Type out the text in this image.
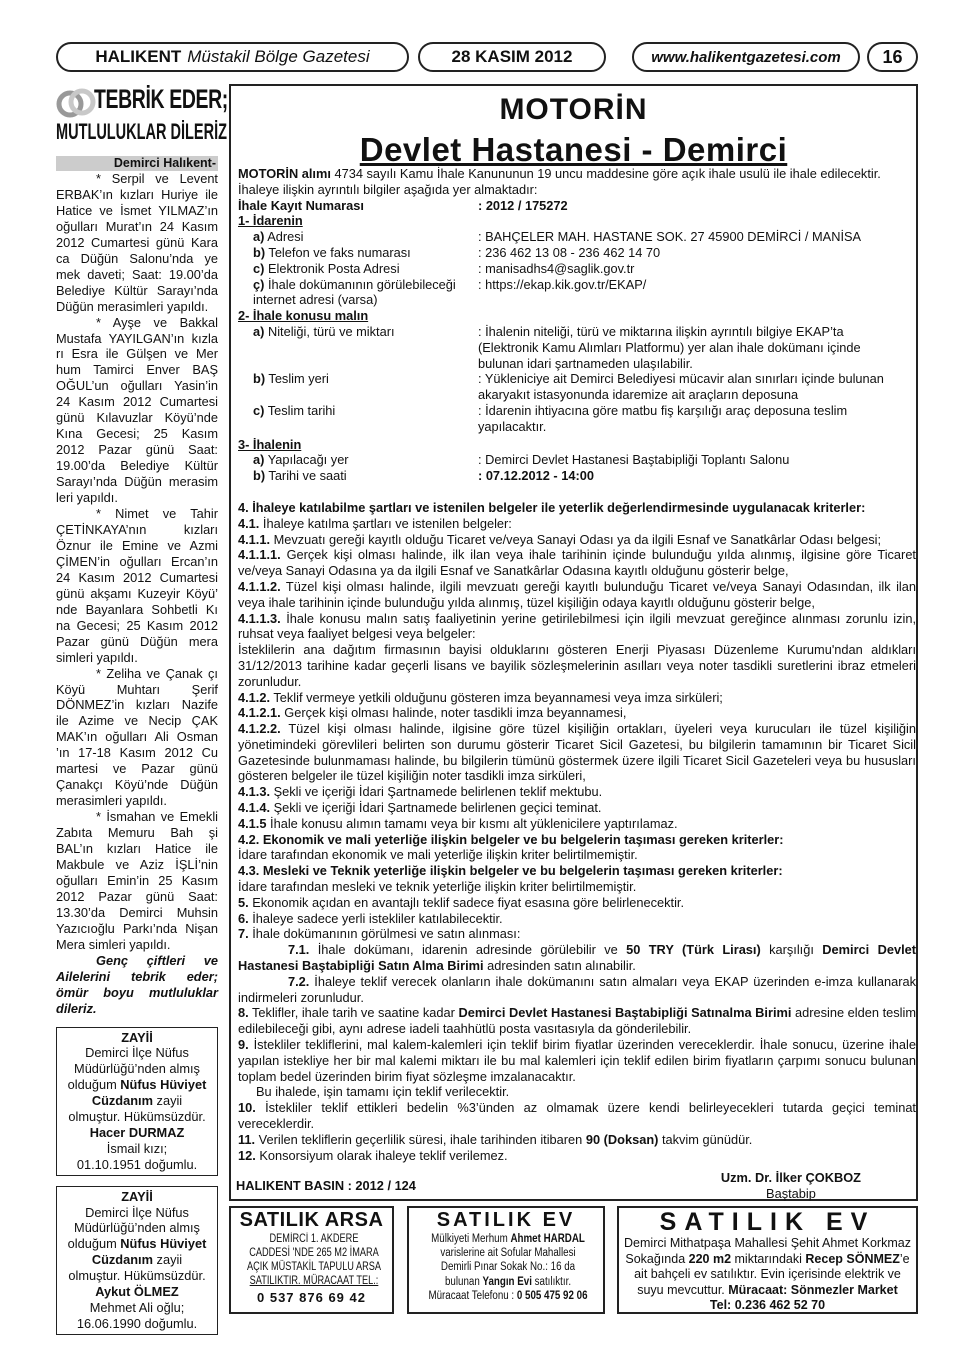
HALIKENT Müstakil Bölge Gazetesi	28 KASIM 2012	www.halikentgazetesi.com	16
TEBRİK EDER;
MUTLULUKLAR DİLERİZ
Demirci Halıkent-

* Serpil ve Levent ERBAK’ın kızları Huriye ile Hatice ve İsmet YILMAZ’ın oğulları Murat’ın 24 Kasım 2012 Cumartesi günü Kara ca Düğün Salonu’nda ye mek daveti; Saat: 19.00’da Belediye Kültür Sarayı’nda Düğün merasimleri yapıldı.

* Ayşe ve Bakkal Mustafa YAYILGAN’ın kızla rı Esra ile Gülşen ve Mer hum Tamirci Enver BAŞ OĞUL’un oğulları Yasin’in 24 Kasım 2012 Cumartesi günü Kılavuzlar Köyü’nde Kına Gecesi; 25 Kasım 2012 Pazar günü Saat: 19.00’da Belediye Kültür Sarayı’nda Düğün merasim leri yapıldı.

* Nimet ve Tahir ÇETİNKAYA’nın kızları Öznur ile Emine ve Azmi ÇİMEN’in oğulları Ercan’ın 24 Kasım 2012 Cumartesi günü akşamı Kuzeyir Köyü’ nde Bayanlara Sohbetli Kı na Gecesi; 25 Kasım 2012 Pazar günü Düğün mera simleri yapıldı.

* Zeliha ve Çanak çı Köyü Muhtarı Şerif DÖNMEZ’in kızları Nazife ile Azime ve Necip ÇAK MAK’ın oğulları Ali Osman ’ın 17-18 Kasım 2012 Cu martesi ve Pazar günü Çanakçı Köyü’nde Düğün merasimleri yapıldı.

* İsmahan ve Emekli Zabıta Memuru Bah şi BAL’ın kızları Hatice ile Makbule ve Aziz İŞLİ’nin oğulları Emin’in 25 Kasım 2012 Pazar günü Saat: 13.30’da Demirci Muhsin Yazıcıoğlu Parkı’nda Nişan Mera simleri yapıldı.

Genç çiftleri ve Ailelerini tebrik eder; ömür boyu mutluluklar dileriz.
ZAYİİ
Demirci İlçe Nüfus
Müdürlüğü’nden almış
olduğum Nüfus Hüviyet
Cüzdanım zayii
olmuştur. Hükümsüzdür.
Hacer DURMAZ
İsmail kızı;
01.10.1951 doğumlu.
ZAYİİ
Demirci İlçe Nüfus
Müdürlüğü’nden almış
olduğum Nüfus Hüviyet
Cüzdanım zayii
olmuştur. Hükümsüzdür.
Aykut ÖLMEZ
Mehmet Ali oğlu;
16.06.1990 doğumlu.
MOTORİN
Devlet Hastanesi - Demirci
MOTORİN alımı 4734 sayılı Kamu İhale Kanununun 19 uncu maddesine göre açık ihale usulü ile ihale edilecektir.
İhaleye ilişkin ayrıntılı bilgiler aşağıda yer almaktadır:
İhale Kayıt Numarası	: 2012 / 175272
1- İdarenin
a) Adresi	: BAHÇELER MAH. HASTANE SOK. 27 45900 DEMİRCİ / MANİSA
b) Telefon ve faks numarası	: 236 462 13 08 - 236 462 14 70
c) Elektronik Posta Adresi	: manisadhs4@saglik.gov.tr
ç) İhale dokümanının görülebileceği internet adresi (varsa)
: https://ekap.kik.gov.tr/EKAP/
2- İhale konusu malın
a) Niteliği, türü ve miktarı	: İhalenin niteliği, türü ve miktarına ilişkin ayrıntılı bilgiye EKAP’ta (Elektronik Kamu Alımları Platformu) yer alan ihale dokümanı içinde bulunan idari şartnameden ulaşılabilir.
b) Teslim yeri	: Yükleniciye ait Demirci Belediyesi mücavir alan sınırları içinde bulunan akaryakıt istasyonunda idaremize ait araçların deposuna
c) Teslim tarihi	: İdarenin ihtiyacına göre matbu fiş karşılığı araç deposuna teslim yapılacaktır.
3- İhalenin
a) Yapılacağı yer	: Demirci Devlet Hastanesi Baştabipliği Toplantı Salonu
b) Tarihi ve saati	: 07.12.2012 - 14:00
4. İhaleye katılabilme şartları ve istenilen belgeler ile yeterlik değerlendirmesinde uygulanacak kriterler:
4.1. İhaleye katılma şartları ve istenilen belgeler:
4.1.1. Mevzuatı gereği kayıtlı olduğu Ticaret ve/veya Sanayi Odası ya da ilgili Esnaf ve Sanatkârlar Odası belgesi;
4.1.1.1. Gerçek kişi olması halinde, ilk ilan veya ihale tarihinin içinde bulunduğu yılda alınmış, ilgisine göre Ticaret ve/veya Sanayi Odasına ya da ilgili Esnaf ve Sanatkârlar Odasına kayıtlı olduğunu gösterir belge,
4.1.1.2. Tüzel kişi olması halinde, ilgili mevzuatı gereği kayıtlı bulunduğu Ticaret ve/veya Sanayi Odasından, ilk ilan veya ihale tarihinin içinde bulunduğu yılda alınmış, tüzel kişiliğin odaya kayıtlı olduğunu gösterir belge,
4.1.1.3. İhale konusu malın satış faaliyetinin yerine getirilebilmesi için ilgili mevzuat gereğince alınması zorunlu izin, ruhsat veya faaliyet belgesi veya belgeler:
İsteklilerin ana dağıtım firmasının bayisi olduklarını gösteren Enerji Piyasası Düzenleme Kurumu'ndan aldıkları 31/12/2013 tarihine kadar geçerli lisans ve bayilik sözleşmelerinin asılları veya noter tasdikli suretlerini ibraz etmeleri zorunludur.
4.1.2. Teklif vermeye yetkili olduğunu gösteren imza beyannamesi veya imza sirküleri;
4.1.2.1. Gerçek kişi olması halinde, noter tasdikli imza beyannamesi,
4.1.2.2. Tüzel kişi olması halinde, ilgisine göre tüzel kişiliğin ortakları, üyeleri veya kurucuları ile tüzel kişiliğin yönetimindeki görevlileri belirten son durumu gösterir Ticaret Sicil Gazetesi, bu bilgilerin tamamının bir Ticaret Sicil Gazetesinde bulunmaması halinde, bu bilgilerin tümünü göstermek üzere ilgili Ticaret Sicil Gazeteleri veya bu hususları gösteren belgeler ile tüzel kişiliğin noter tasdikli imza sirküleri,
4.1.3. Şekli ve içeriği İdari Şartnamede belirlenen teklif mektubu.
4.1.4. Şekli ve içeriği İdari Şartnamede belirlenen geçici teminat.
4.1.5 İhale konusu alımın tamamı veya bir kısmı alt yüklenicilere yaptırılamaz.
4.2. Ekonomik ve mali yeterliğe ilişkin belgeler ve bu belgelerin taşıması gereken kriterler:
İdare tarafından ekonomik ve mali yeterliğe ilişkin kriter belirtilmemiştir.
4.3. Mesleki ve Teknik yeterliğe ilişkin belgeler ve bu belgelerin taşıması gereken kriterler:
İdare tarafından mesleki ve teknik yeterliğe ilişkin kriter belirtilmemiştir.
5. Ekonomik açıdan en avantajlı teklif sadece fiyat esasına göre belirlenecektir.
6. İhaleye sadece yerli istekliler katılabilecektir.
7. İhale dokümanının görülmesi ve satın alınması:
7.1. İhale dokümanı, idarenin adresinde görülebilir ve 50 TRY (Türk Lirası) karşılığı Demirci Devlet Hastanesi Baştabipliği Satın Alma Birimi adresinden satın alınabilir.
7.2. İhaleye teklif verecek olanların ihale dokümanını satın almaları veya EKAP üzerinden e-imza kullanarak indirmeleri zorunludur.
8. Teklifler, ihale tarih ve saatine kadar Demirci Devlet Hastanesi Baştabipliği Satınalma Birimi adresine elden teslim edilebileceği gibi, aynı adrese iadeli taahhütlü posta vasıtasıyla da gönderilebilir.
9. İstekliler tekliflerini, mal kalem-kalemleri için teklif birim fiyatlar üzerinden vereceklerdir. İhale sonucu, üzerine ihale yapılan istekliye her bir mal kalemi miktarı ile bu mal kalemleri için teklif edilen birim fiyatların çarpımı sonucu bulunan toplam bedel üzerinden birim fiyat sözleşme imzalanacaktır.
Bu ihalede, işin tamamı için teklif verilecektir.
10. İstekliler teklif ettikleri bedelin %3’ünden az olmamak üzere kendi belirleyecekleri tutarda geçici teminat vereceklerdir.
11. Verilen tekliflerin geçerlilik süresi, ihale tarihinden itibaren 90 (Doksan) takvim günüdür.
12. Konsorsiyum olarak ihaleye teklif verilemez.
Uzm. Dr. İlker ÇOKBOZ
Baştabip
HALIKENT BASIN : 2012 / 124
SATILIK ARSA
DEMİRCİ 1. AKDERE
CADDESİ 'NDE 265 M2 İMARA
AÇIK MÜSTAKİL TAPULU ARSA
SATILIKTIR. MÜRACAAT TEL.:
0 537 876 69 42
SATILIK EV
Mülkiyeti Merhum Ahmet HARDAL
varislerine ait Sofular Mahallesi
Demirli Pınar Sokak No.: 16 da
bulunan Yangın Evi satılıktır.
Müracaat Telefonu : 0 505 475 92 06
SATILIK EV
Demirci Mithatpaşa Mahallesi Şehit Ahmet Korkmaz
Sokağında 220 m2 miktarındaki Recep SÖNMEZ’e
ait bahçeli ev satılıktır. Evin içerisinde elektrik ve
suyu mevcuttur. Müracaat: Sönmezler Market
Tel: 0.236 462 52 70
